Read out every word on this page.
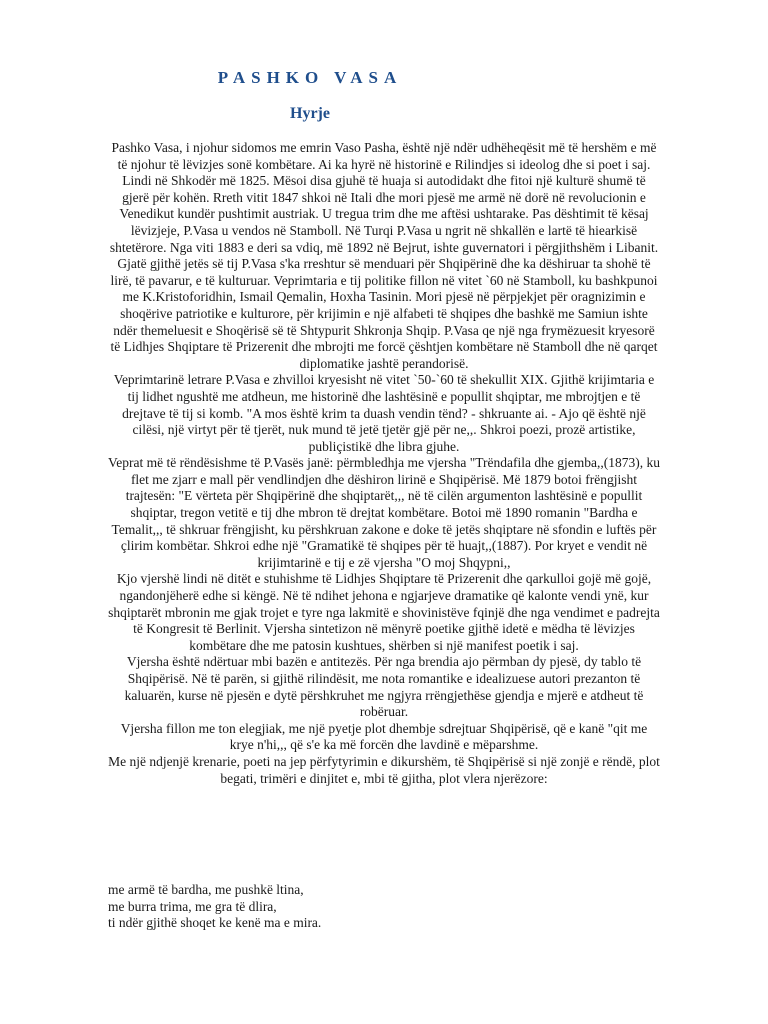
PASHKO VASA
Hyrje

Pashko Vasa, i njohur sidomos me emrin Vaso Pasha, është një ndër udhëheqësit më të hershëm e më të njohur të lëvizjes sonë kombëtare. Ai ka hyrë në historinë e Rilindjes si ideolog dhe si poet i saj. Lindi në Shkodër më 1825. Mësoi disa gjuhë të huaja si autodidakt dhe fitoi një kulturë shumë të gjerë për kohën. Rreth vitit 1847 shkoi në Itali dhe mori pjesë me armë në dorë në revolucionin e Venedikut kundër pushtimit austriak. U tregua trim dhe me aftësi ushtarake. Pas dështimit të kësaj lëvizjeje, P.Vasa u vendos në Stamboll. Në Turqi P.Vasa u ngrit në shkallën e lartë të hiearkisë shtetërore. Nga viti 1883 e deri sa vdiq, më 1892 në Bejrut, ishte guvernatori i përgjithshëm i Libanit. Gjatë gjithë jetës së tij P.Vasa s'ka rreshtur së menduari për Shqipërinë dhe ka dëshiruar ta shohë të lirë, të pavarur, e të kulturuar. Veprimtaria e tij politike fillon në vitet `60 në Stamboll, ku bashkpunoi me K.Kristoforidhin, Ismail Qemalin, Hoxha Tasinin. Mori pjesë në përpjekjet për oragnizimin e shoqërive patriotike e kulturore, për krijimin e një alfabeti të shqipes dhe bashkë me Samiun ishte ndër themeluesit e Shoqërisë së të Shtypurit Shkronja Shqip. P.Vasa qe një nga frymëzuesit kryesorë të Lidhjes Shqiptare të Prizerenit dhe mbrojti me forcë çështjen kombëtare në Stamboll dhe në qarqet diplomatike jashtë perandorisë.

Veprimtarinë letrare P.Vasa e zhvilloi kryesisht në vitet `50-`60 të shekullit XIX. Gjithë krijimtaria e tij lidhet ngushtë me atdheun, me historinë dhe lashtësinë e popullit shqiptar, me mbrojtjen e të drejtave të tij si komb. "A mos është krim ta duash vendin tënd? - shkruante ai. - Ajo që është një cilësi, një virtyt për të tjerët, nuk mund të jetë tjetër gjë për ne,,. Shkroi poezi, prozë artistike, publiçistikë dhe libra gjuhe.

Veprat më të rëndësishme të P.Vasës janë: përmbledhja me vjersha "Trëndafila dhe gjemba,,(1873), ku flet me zjarr e mall për vendlindjen dhe dëshiron lirinë e Shqipërisë. Më 1879 botoi frëngjisht trajtesën: "E vërteta për Shqipërinë dhe shqiptarët,,, në të cilën argumenton lashtësinë e popullit shqiptar, tregon vetitë e tij dhe mbron të drejtat kombëtare. Botoi më 1890 romanin "Bardha e Temalit,,, të shkruar frëngjisht, ku përshkruan zakone e doke të jetës shqiptare në sfondin e luftës për çlirim kombëtar. Shkroi edhe një "Gramatikë të shqipes për të huajt,,(1887). Por kryet e vendit në krijimtarinë e tij e zë vjersha "O moj Shqypni,,

Kjo vjershë lindi në ditët e stuhishme të Lidhjes Shqiptare të Prizerenit dhe qarkulloi gojë më gojë, ngandonjëherë edhe si këngë. Në të ndihet jehona e ngjarjeve dramatike që kalonte vendi ynë, kur shqiptarët mbronin me gjak trojet e tyre nga lakmitë e shovinistëve fqinjë dhe nga vendimet e padrejta të Kongresit të Berlinit. Vjersha sintetizon në mënyrë poetike gjithë idetë e mëdha të lëvizjes kombëtare dhe me patosin kushtues, shërben si një manifest poetik i saj.

Vjersha është ndërtuar mbi bazën e antitezës. Për nga brendia ajo përmban dy pjesë, dy tablo të Shqipërisë. Në të parën, si gjithë rilindësit, me nota romantike e idealizuese autori prezanton të kaluarën, kurse në pjesën e dytë përshkruhet me ngjyra rrëngjethëse gjendja e mjerë e atdheut të robëruar.

Vjersha fillon me ton elegjiak, me një pyetje plot dhembje sdrejtuar Shqipërisë, që e kanë "qit me krye n'hi,,, që s'e ka më forcën dhe lavdinë e mëparshme.

Me një ndjenjë krenarie, poeti na jep përfytyrimin e dikurshëm, të Shqipërisë si një zonjë e rëndë, plot begati, trimëri e dinjitet e, mbi të gjitha, plot vlera njerëzore:

me armë të bardha, me pushkë ltina,

me burra trima, me gra të dlira,

ti ndër gjithë shoqet ke kenë ma e mira.
